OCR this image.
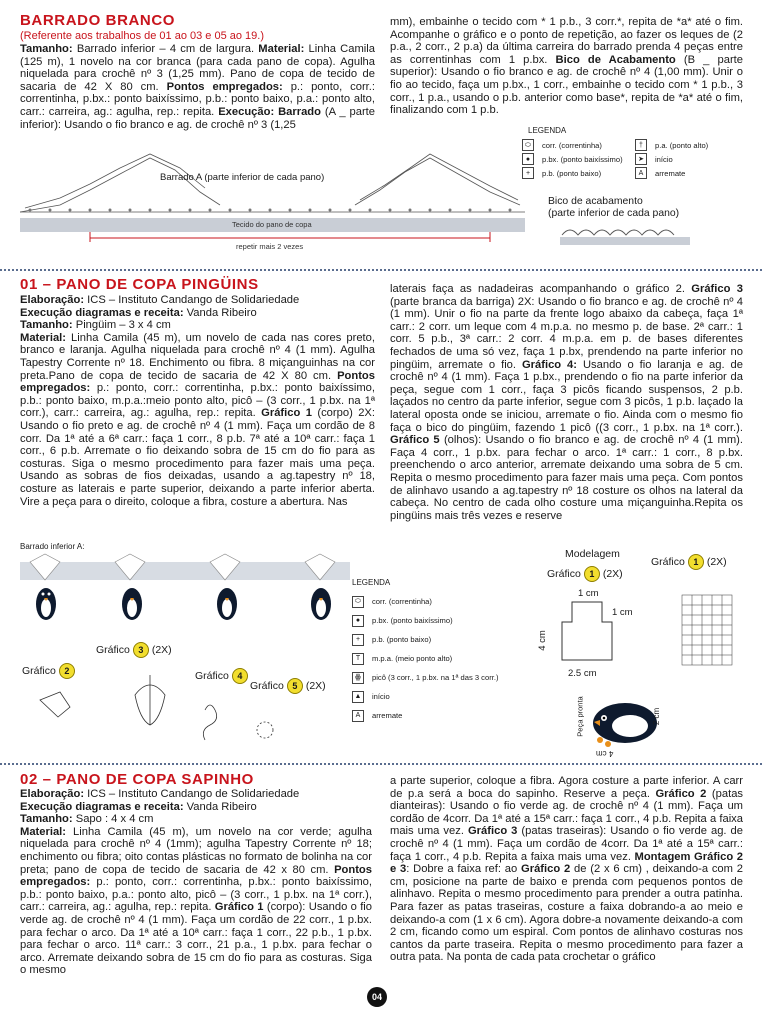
BARRADO BRANCO
(Referente aos trabalhos de 01 ao 03 e 05 ao 19.)
Tamanho: Barrado inferior – 4 cm de largura. Material: Linha Camila (125 m), 1 novelo na cor branca (para cada pano de copa). Agulha niquelada para crochê nº 3 (1,25 mm). Pano de copa de tecido de sacaria de 42 X 80 cm. Pontos empregados: p.: ponto, corr.: correntinha, p.bx.: ponto baixíssimo, p.b.: ponto baixo, p.a.: ponto alto, carr.: carreira, ag.: agulha, rep.: repita. Execução: Barrado (A _ parte inferior): Usando o fio branco e ag. de crochê nº 3 (1,25
mm), embainhe o tecido com * 1 p.b., 3 corr.*, repita de *a* até o fim. Acompanhe o gráfico e o ponto de repetição, ao fazer os leques de (2 p.a., 2 corr., 2 p.a) da última carreira do barrado prenda 4 peças entre as correntinhas com 1 p.bx. Bico de Acabamento (B _ parte superior): Usando o fio branco e ag. de crochê nº 4 (1,00 mm). Unir o fio ao tecido, faça um p.bx., 1 corr., embainhe o tecido com * 1 p.b., 3 corr., 1 p.a., usando o p.b. anterior como base*, repita de *a* até o fim, finalizando com 1 p.b.
Barrado A (parte inferior de cada pano)
Tecido do pano de copa
repetir mais 2 vezes
LEGENDA
⬭	corr. (correntinha)
●	p.bx. (ponto baixíssimo)
+	p.b. (ponto baixo)
†	p.a. (ponto alto)
➤	início
A	arremate
Bico de acabamento
(parte inferior de cada pano)
01 – PANO DE COPA PINGÜINS
Elaboração: ICS – Instituto Candango de Solidariedade
Execução diagramas e receita: Vanda Ribeiro
Tamanho: Pingüim – 3 x 4 cm
Material: Linha Camila (45 m), um novelo de cada nas cores preto, branco e laranja. Agulha niquelada para crochê nº 4 (1 mm). Agulha Tapestry Corrente nº 18. Enchimento ou fibra. 8 miçanguinhas na cor preta.Pano de copa de tecido de sacaria de 42 X 80 cm. Pontos empregados: p.: ponto, corr.: correntinha, p.bx.: ponto baixíssimo, p.b.: ponto baixo, m.p.a.:meio ponto alto, picô – (3 corr., 1 p.bx. na 1ª corr.), carr.: carreira, ag.: agulha, rep.: repita. Gráfico 1 (corpo) 2X: Usando o fio preto e ag. de crochê nº 4 (1 mm). Faça um cordão de 8 corr. Da 1ª até a 6ª carr.: faça 1 corr., 8 p.b. 7ª até a 10ª carr.: faça 1 corr., 6 p.b. Arremate o fio deixando sobra de 15 cm do fio para as costuras. Siga o mesmo procedimento para fazer mais uma peça. Usando as sobras de fios deixadas, usando a ag.tapestry nº 18, costure as laterais e parte superior, deixando a parte inferior aberta. Vire a peça para o direito, coloque a fibra, costure a abertura. Nas
laterais faça as nadadeiras acompanhando o gráfico 2. Gráfico 3 (parte branca da barriga) 2X: Usando o fio branco e ag. de crochê nº 4 (1 mm). Unir o fio na parte da frente logo abaixo da cabeça, faça 1ª carr.: 2 corr. um leque com 4 m.p.a. no mesmo p. de base. 2ª carr.: 1 corr. 5 p.b., 3ª carr.: 2 corr. 4 m.p.a. em p. de bases diferentes fechados de uma só vez, faça 1 p.bx, prendendo na parte inferior no pingüim, arremate o fio. Gráfico 4: Usando o fio laranja e ag. de crochê nº 4 (1 mm). Faça 1 p.bx., prendendo o fio na parte inferior da peça, segue com 1 corr., faça 3 picôs ficando suspensos, 2 p.b. laçados no centro da parte inferior, segue com 3 picôs, 1 p.b. laçado la lateral oposta onde se iniciou, arremate o fio. Ainda com o mesmo fio faça o bico do pingüim, fazendo 1 picô ((3 corr., 1 p.bx. na 1ª corr.). Gráfico 5 (olhos): Usando o fio branco e ag. de crochê nº 4 (1 mm). Faça 4 corr., 1 p.bx. para fechar o arco. 1ª carr.: 1 corr., 8 p.bx. preenchendo o arco anterior, arremate deixando uma sobra de 5 cm. Repita o mesmo procedimento para fazer mais uma peça. Com pontos de alinhavo usando a ag.tapestry nº 18 costure os olhos na lateral da cabeça. No centro de cada olho costure uma miçanguinha.Repita os pingüins mais três vezes e reserve
Barrado inferior A:
LEGENDA
⬭	corr. (correntinha)
●	p.bx. (ponto baixíssimo)
+	p.b. (ponto baixo)
T	m.p.a. (meio ponto alto)
ꙮ	picô (3 corr., 1 p.bx. na 1ª das 3 corr.)
▲	início
A	arremate
Gráfico 3 (2X)
Gráfico 2	Gráfico 4
Gráfico 5 (2X)
Modelagem
Gráfico 1 (2X)
Gráfico 1 (2X)
1 cm
1 cm
4 cm
2.5 cm
Peça pronta	2 cm
4 cm
02 – PANO DE COPA SAPINHO
Elaboração: ICS – Instituto Candango de Solidariedade
Execução diagramas e receita: Vanda Ribeiro
Tamanho: Sapo : 4 x 4 cm
Material: Linha Camila (45 m), um novelo na cor verde; agulha niquelada para crochê nº 4 (1mm); agulha Tapestry Corrente nº 18; enchimento ou fibra; oito contas plásticas no formato de bolinha na cor preta; pano de copa de tecido de sacaria de 42 x 80 cm. Pontos empregados: p.: ponto, corr.: correntinha, p.bx.: ponto baixíssimo, p.b.: ponto baixo, p.a.: ponto alto, picô – (3 corr., 1 p.bx. na 1ª corr.), carr.: carreira, ag.: agulha, rep.: repita. Gráfico 1 (corpo): Usando o fio verde ag. de crochê nº 4 (1 mm). Faça um cordão de 22 corr., 1 p.bx. para fechar o arco. Da 1ª até a 10ª carr.: faça 1 corr., 22 p.b., 1 p.bx. para fechar o arco. 11ª carr.: 3 corr., 21 p.a., 1 p.bx. para fechar o arco. Arremate deixando sobra de 15 cm do fio para as costuras. Siga o mesmo
a parte superior, coloque a fibra. Agora costure a parte inferior. A carr de p.a será a boca do sapinho. Reserve a peça. Gráfico 2 (patas dianteiras): Usando o fio verde ag. de crochê nº 4 (1 mm). Faça um cordão de 4corr. Da 1ª até a 15ª carr.: faça 1 corr., 4 p.b. Repita a faixa mais uma vez. Gráfico 3 (patas traseiras): Usando o fio verde ag. de crochê nº 4 (1 mm). Faça um cordão de 4corr. Da 1ª até a 15ª carr.: faça 1 corr., 4 p.b. Repita a faixa mais uma vez. Montagem Gráfico 2 e 3: Dobre a faixa ref: ao Gráfico 2 de (2 x 6 cm) , deixando-a com 2 cm, posicione na parte de baixo e prenda com pequenos pontos de alinhavo. Repita o mesmo procedimento para prender a outra patinha. Para fazer as patas traseiras, costure a faixa dobrando-a ao meio e deixando-a com (1 x 6 cm). Agora dobre-a novamente deixando-a com 2 cm, ficando como um espiral. Com pontos de alinhavo costuras nos cantos da parte traseira. Repita o mesmo procedimento para fazer a outra pata. Na ponta de cada pata crochetar o gráfico
04
